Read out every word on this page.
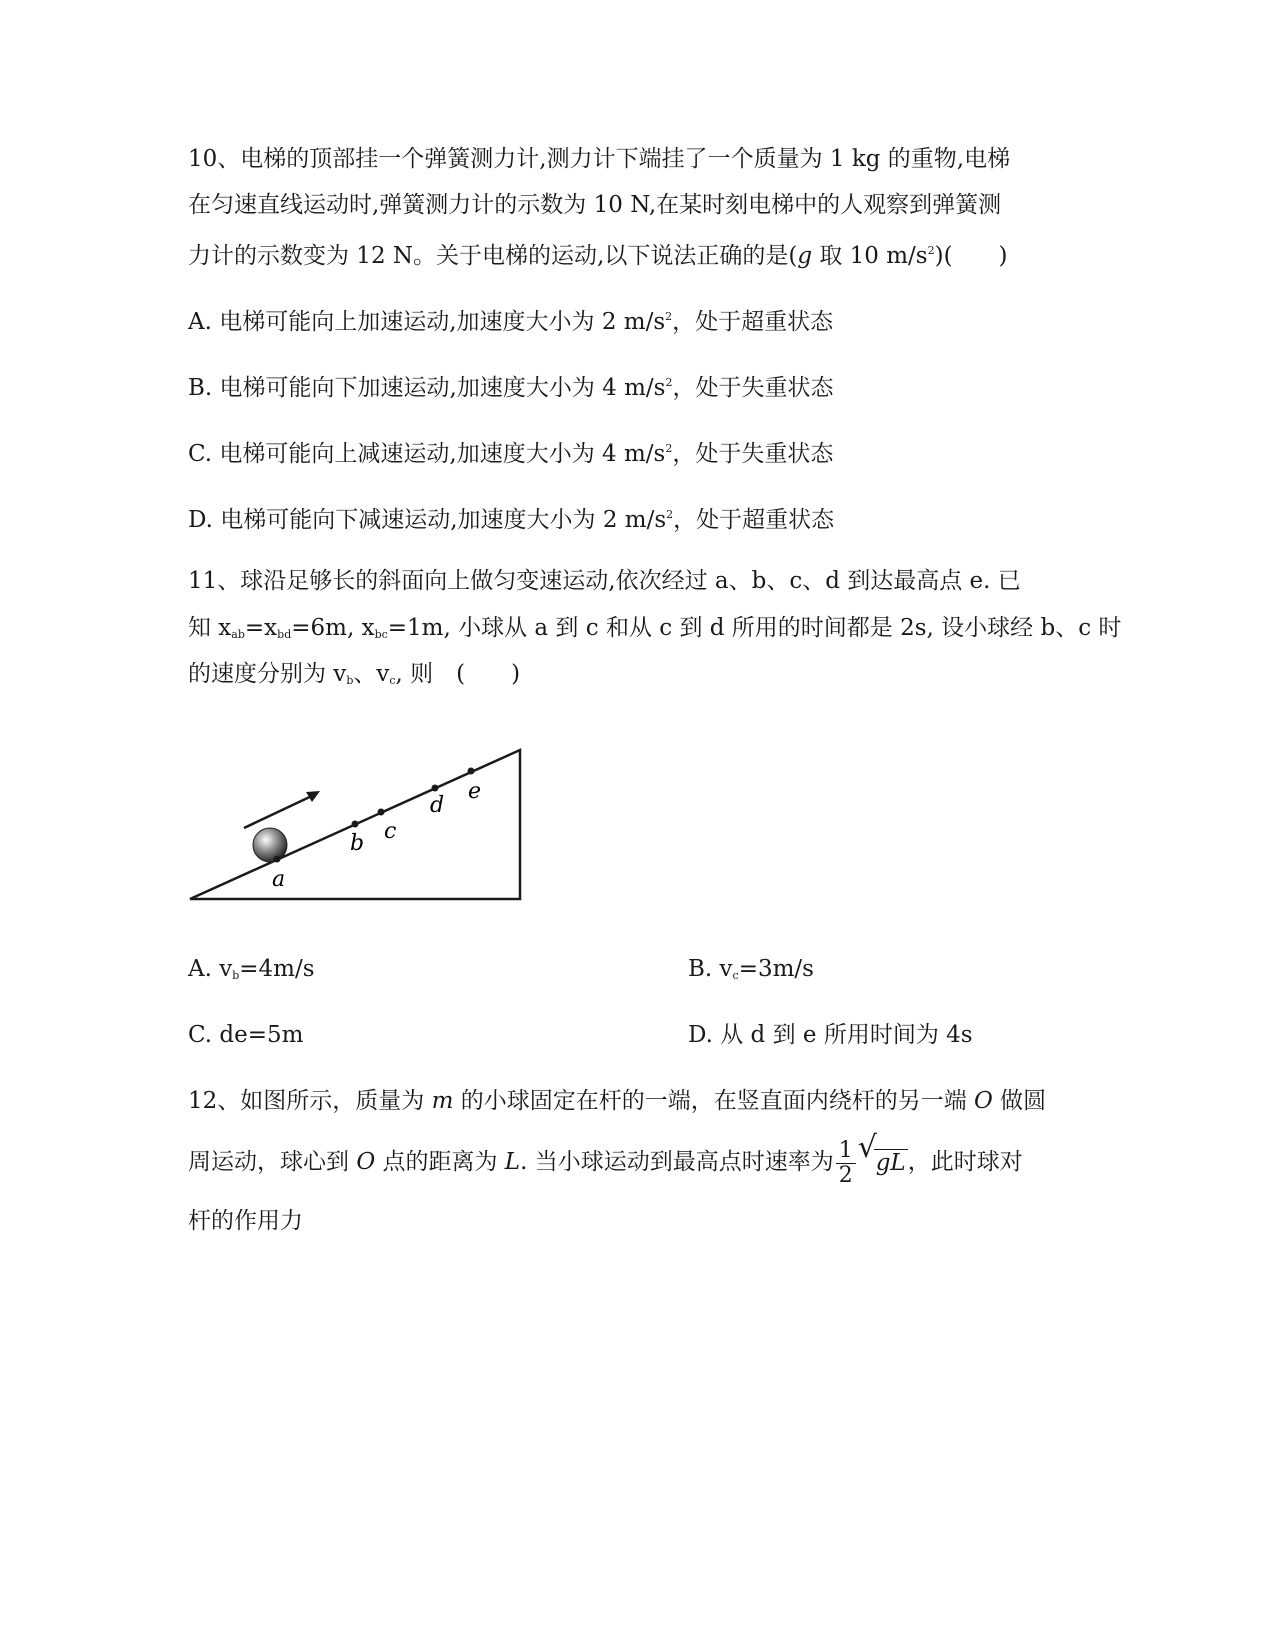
10、电梯的顶部挂一个弹簧测力计,测力计下端挂了一个质量为 1 kg 的重物,电梯
在匀速直线运动时,弹簧测力计的示数为 10 N,在某时刻电梯中的人观察到弹簧测
力计的示数变为 12 N。关于电梯的运动,以下说法正确的是(g 取 10 $m/s^2$)(　　)
A. 电梯可能向上加速运动,加速度大小为 2 $m/s^2$，处于超重状态
B. 电梯可能向下加速运动,加速度大小为 4 $m/s^2$，处于失重状态
C. 电梯可能向上减速运动,加速度大小为 4 $m/s^2$，处于失重状态
D. 电梯可能向下减速运动,加速度大小为 2 $m/s^2$，处于超重状态
11、球沿足够长的斜面向上做匀变速运动,依次经过 a、b、c、d 到达最高点 e. 已
知 $x_{ab}=x_{bd}=6m$, $x_{bc}=1m$, 小球从 a 到 c 和从 c 到 d 所用的时间都是 2s, 设小球经 b、c 时
的速度分别为 $v_b$、$v_c$, 则　(　　)
a
b c
d
e
A. $v_b=4m/s$	B. $v_c=3m/s$
C. de=5m	D. 从 d 到 e 所用时间为 4s
12、如图所示，质量为 m 的小球固定在杆的一端，在竖直面内绕杆的另一端 O 做圆
周运动，球心到 O 点的距离为 L. 当小球运动到最高点时速率为 $\frac{1}{2}$ √
gL，此时球对
杆的作用力
